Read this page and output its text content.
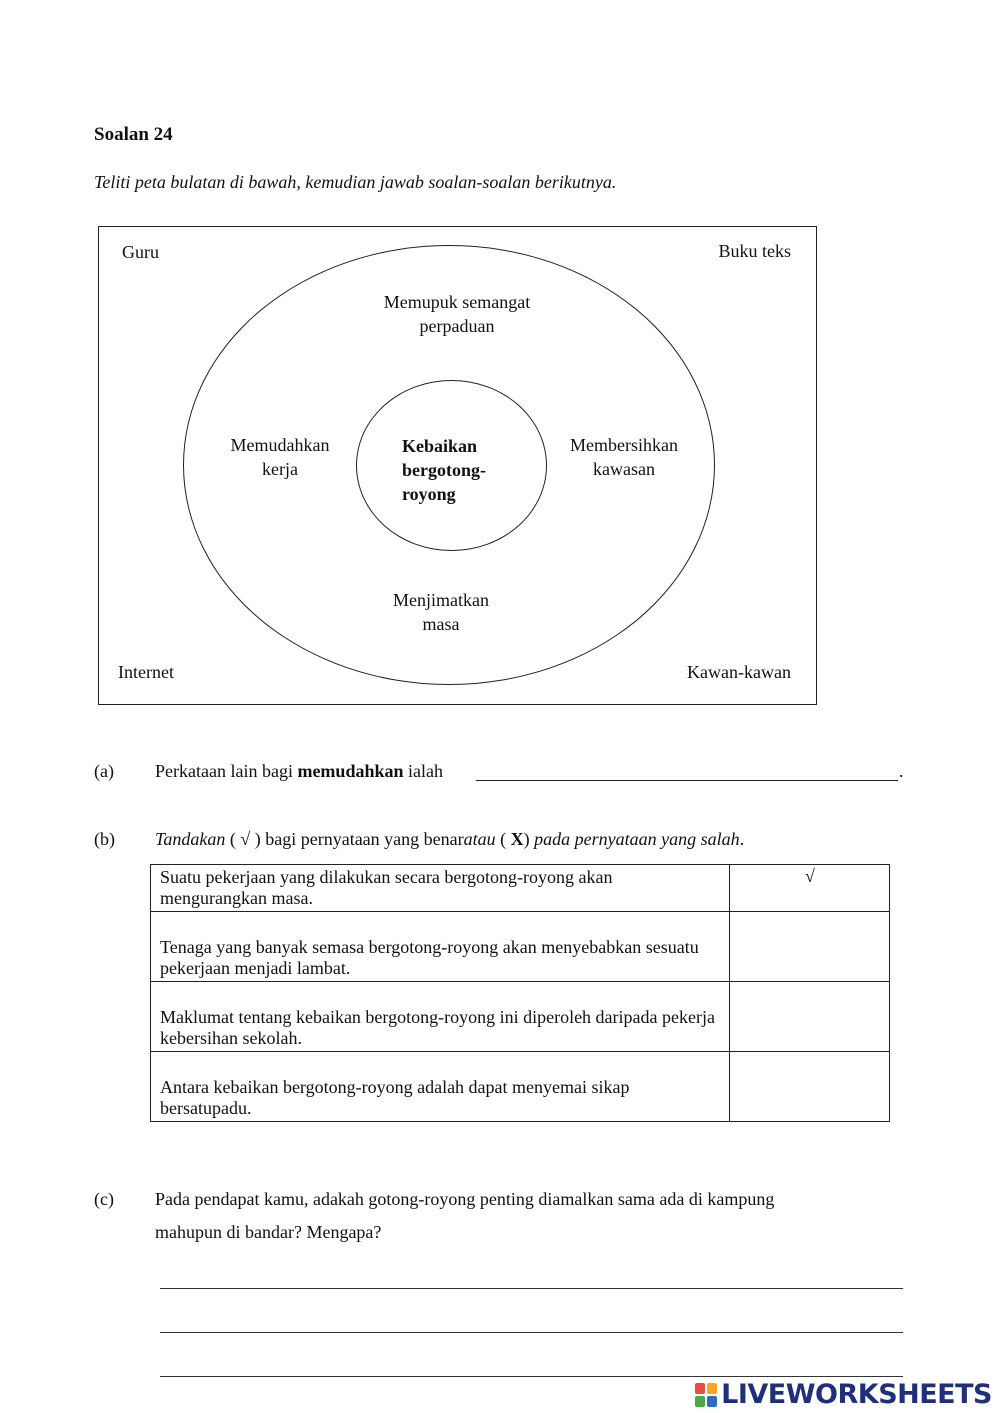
Soalan 24
Teliti peta bulatan di bawah, kemudian jawab soalan-soalan berikutnya.
Guru	Buku teks
Internet	Kawan-kawan
Memupuk semangat
perpaduan
Memudahkan
kerja
Membersihkan
kawasan
Menjimatkan
masa
Kebaikan
bergotong-
royong
(a) Perkataan lain bagi memudahkan ialah	.
(b) Tandakan ( √ ) bagi pernyataan yang benaratau ( X) pada pernyataan yang salah.
Suatu pekerjaan yang dilakukan secara bergotong-royong akan mengurangkan masa.	√
Tenaga yang banyak semasa bergotong-royong akan menyebabkan sesuatu pekerjaan menjadi lambat.	
Maklumat tentang kebaikan bergotong-royong ini diperoleh daripada pekerja kebersihan sekolah.	
Antara kebaikan bergotong-royong adalah dapat menyemai sikap bersatupadu.	
(c) Pada pendapat kamu, adakah gotong-royong penting diamalkan sama ada di kampung
mahupun di bandar? Mengapa?
LIVEWORKSHEETS
